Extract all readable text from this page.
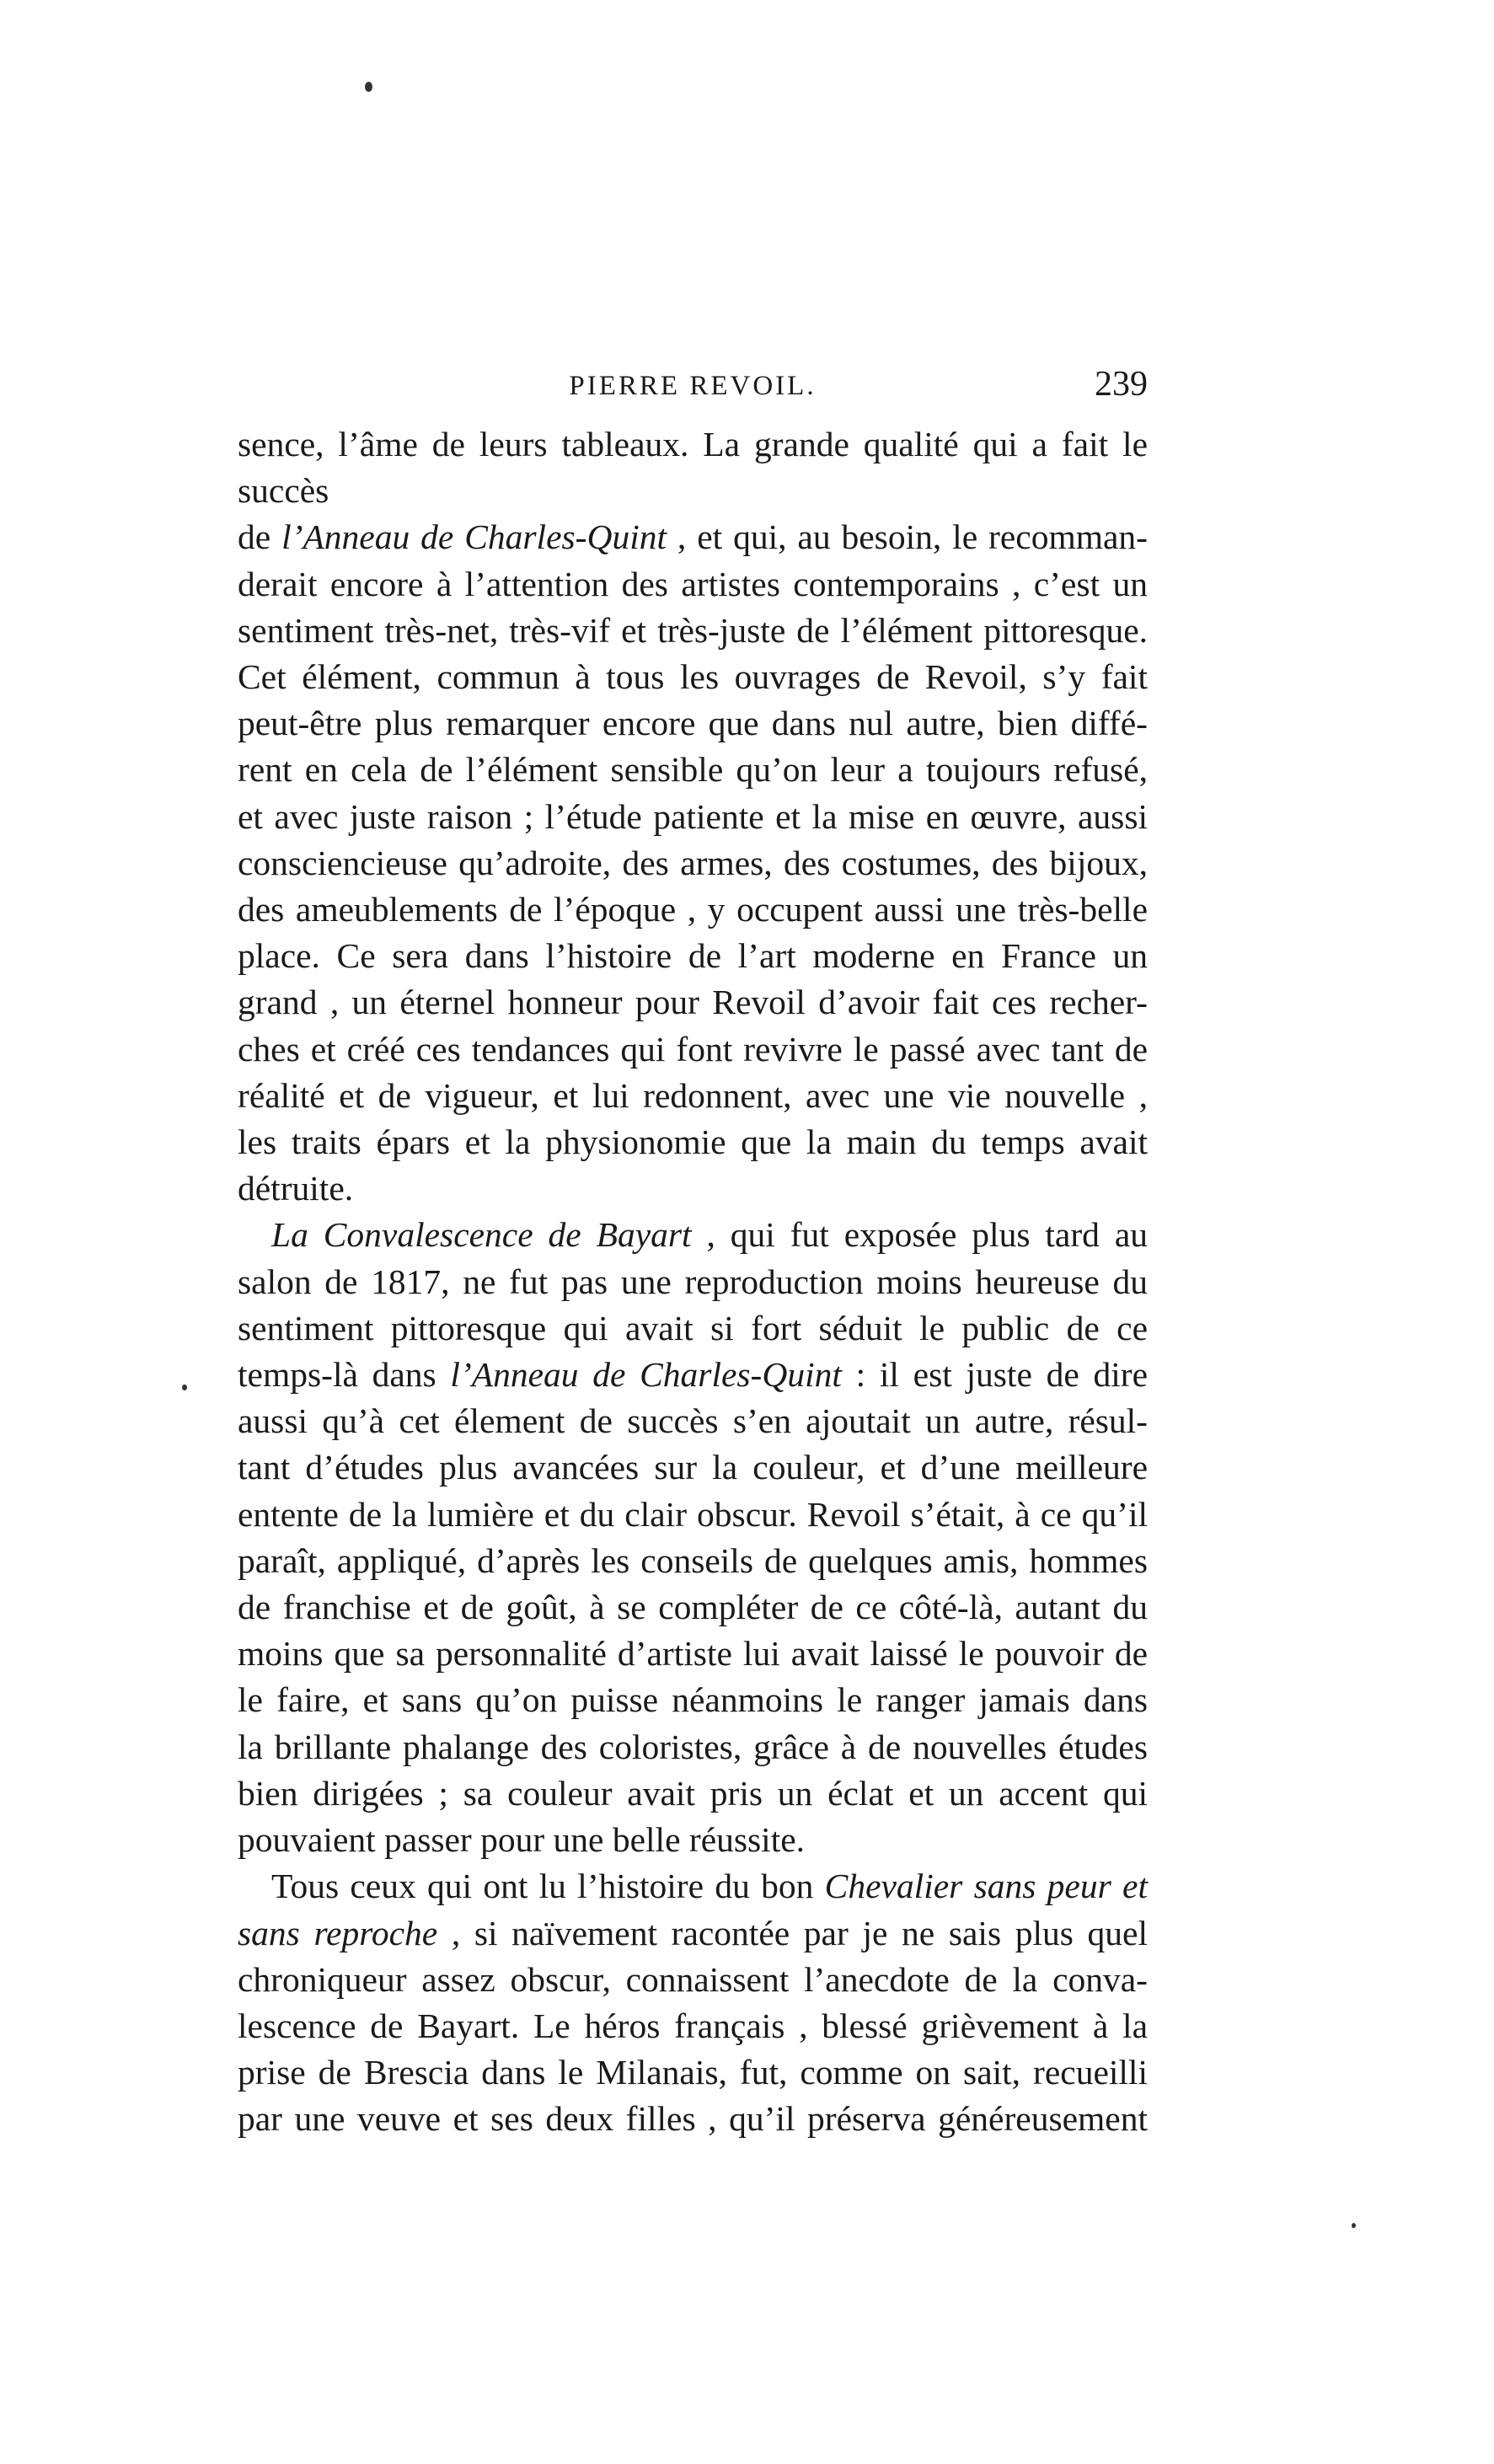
PIERRE REVOIL.	239
sence, l’âme de leurs tableaux. La grande qualité qui a fait le succès
de l’Anneau de Charles-Quint , et qui, au besoin, le recomman-
derait encore à l’attention des artistes contemporains , c’est un
sentiment très-net, très-vif et très-juste de l’élément pittoresque.
Cet élément, commun à tous les ouvrages de Revoil, s’y fait
peut-être plus remarquer encore que dans nul autre, bien diffé-
rent en cela de l’élément sensible qu’on leur a toujours refusé,
et avec juste raison ; l’étude patiente et la mise en œuvre, aussi
consciencieuse qu’adroite, des armes, des costumes, des bijoux,
des ameublements de l’époque , y occupent aussi une très-belle
place. Ce sera dans l’histoire de l’art moderne en France un
grand , un éternel honneur pour Revoil d’avoir fait ces recher-
ches et créé ces tendances qui font revivre le passé avec tant de
réalité et de vigueur, et lui redonnent, avec une vie nouvelle ,
les traits épars et la physionomie que la main du temps avait
détruite.
La Convalescence de Bayart , qui fut exposée plus tard au
salon de 1817, ne fut pas une reproduction moins heureuse du
sentiment pittoresque qui avait si fort séduit le public de ce
temps-là dans l’Anneau de Charles-Quint : il est juste de dire
aussi qu’à cet élement de succès s’en ajoutait un autre, résul-
tant d’études plus avancées sur la couleur, et d’une meilleure
entente de la lumière et du clair obscur. Revoil s’était, à ce qu’il
paraît, appliqué, d’après les conseils de quelques amis, hommes
de franchise et de goût, à se compléter de ce côté-là, autant du
moins que sa personnalité d’artiste lui avait laissé le pouvoir de
le faire, et sans qu’on puisse néanmoins le ranger jamais dans
la brillante phalange des coloristes, grâce à de nouvelles études
bien dirigées ; sa couleur avait pris un éclat et un accent qui
pouvaient passer pour une belle réussite.
Tous ceux qui ont lu l’histoire du bon Chevalier sans peur et
sans reproche , si naïvement racontée par je ne sais plus quel
chroniqueur assez obscur, connaissent l’anecdote de la conva-
lescence de Bayart. Le héros français , blessé grièvement à la
prise de Brescia dans le Milanais, fut, comme on sait, recueilli
par une veuve et ses deux filles , qu’il préserva généreusement
